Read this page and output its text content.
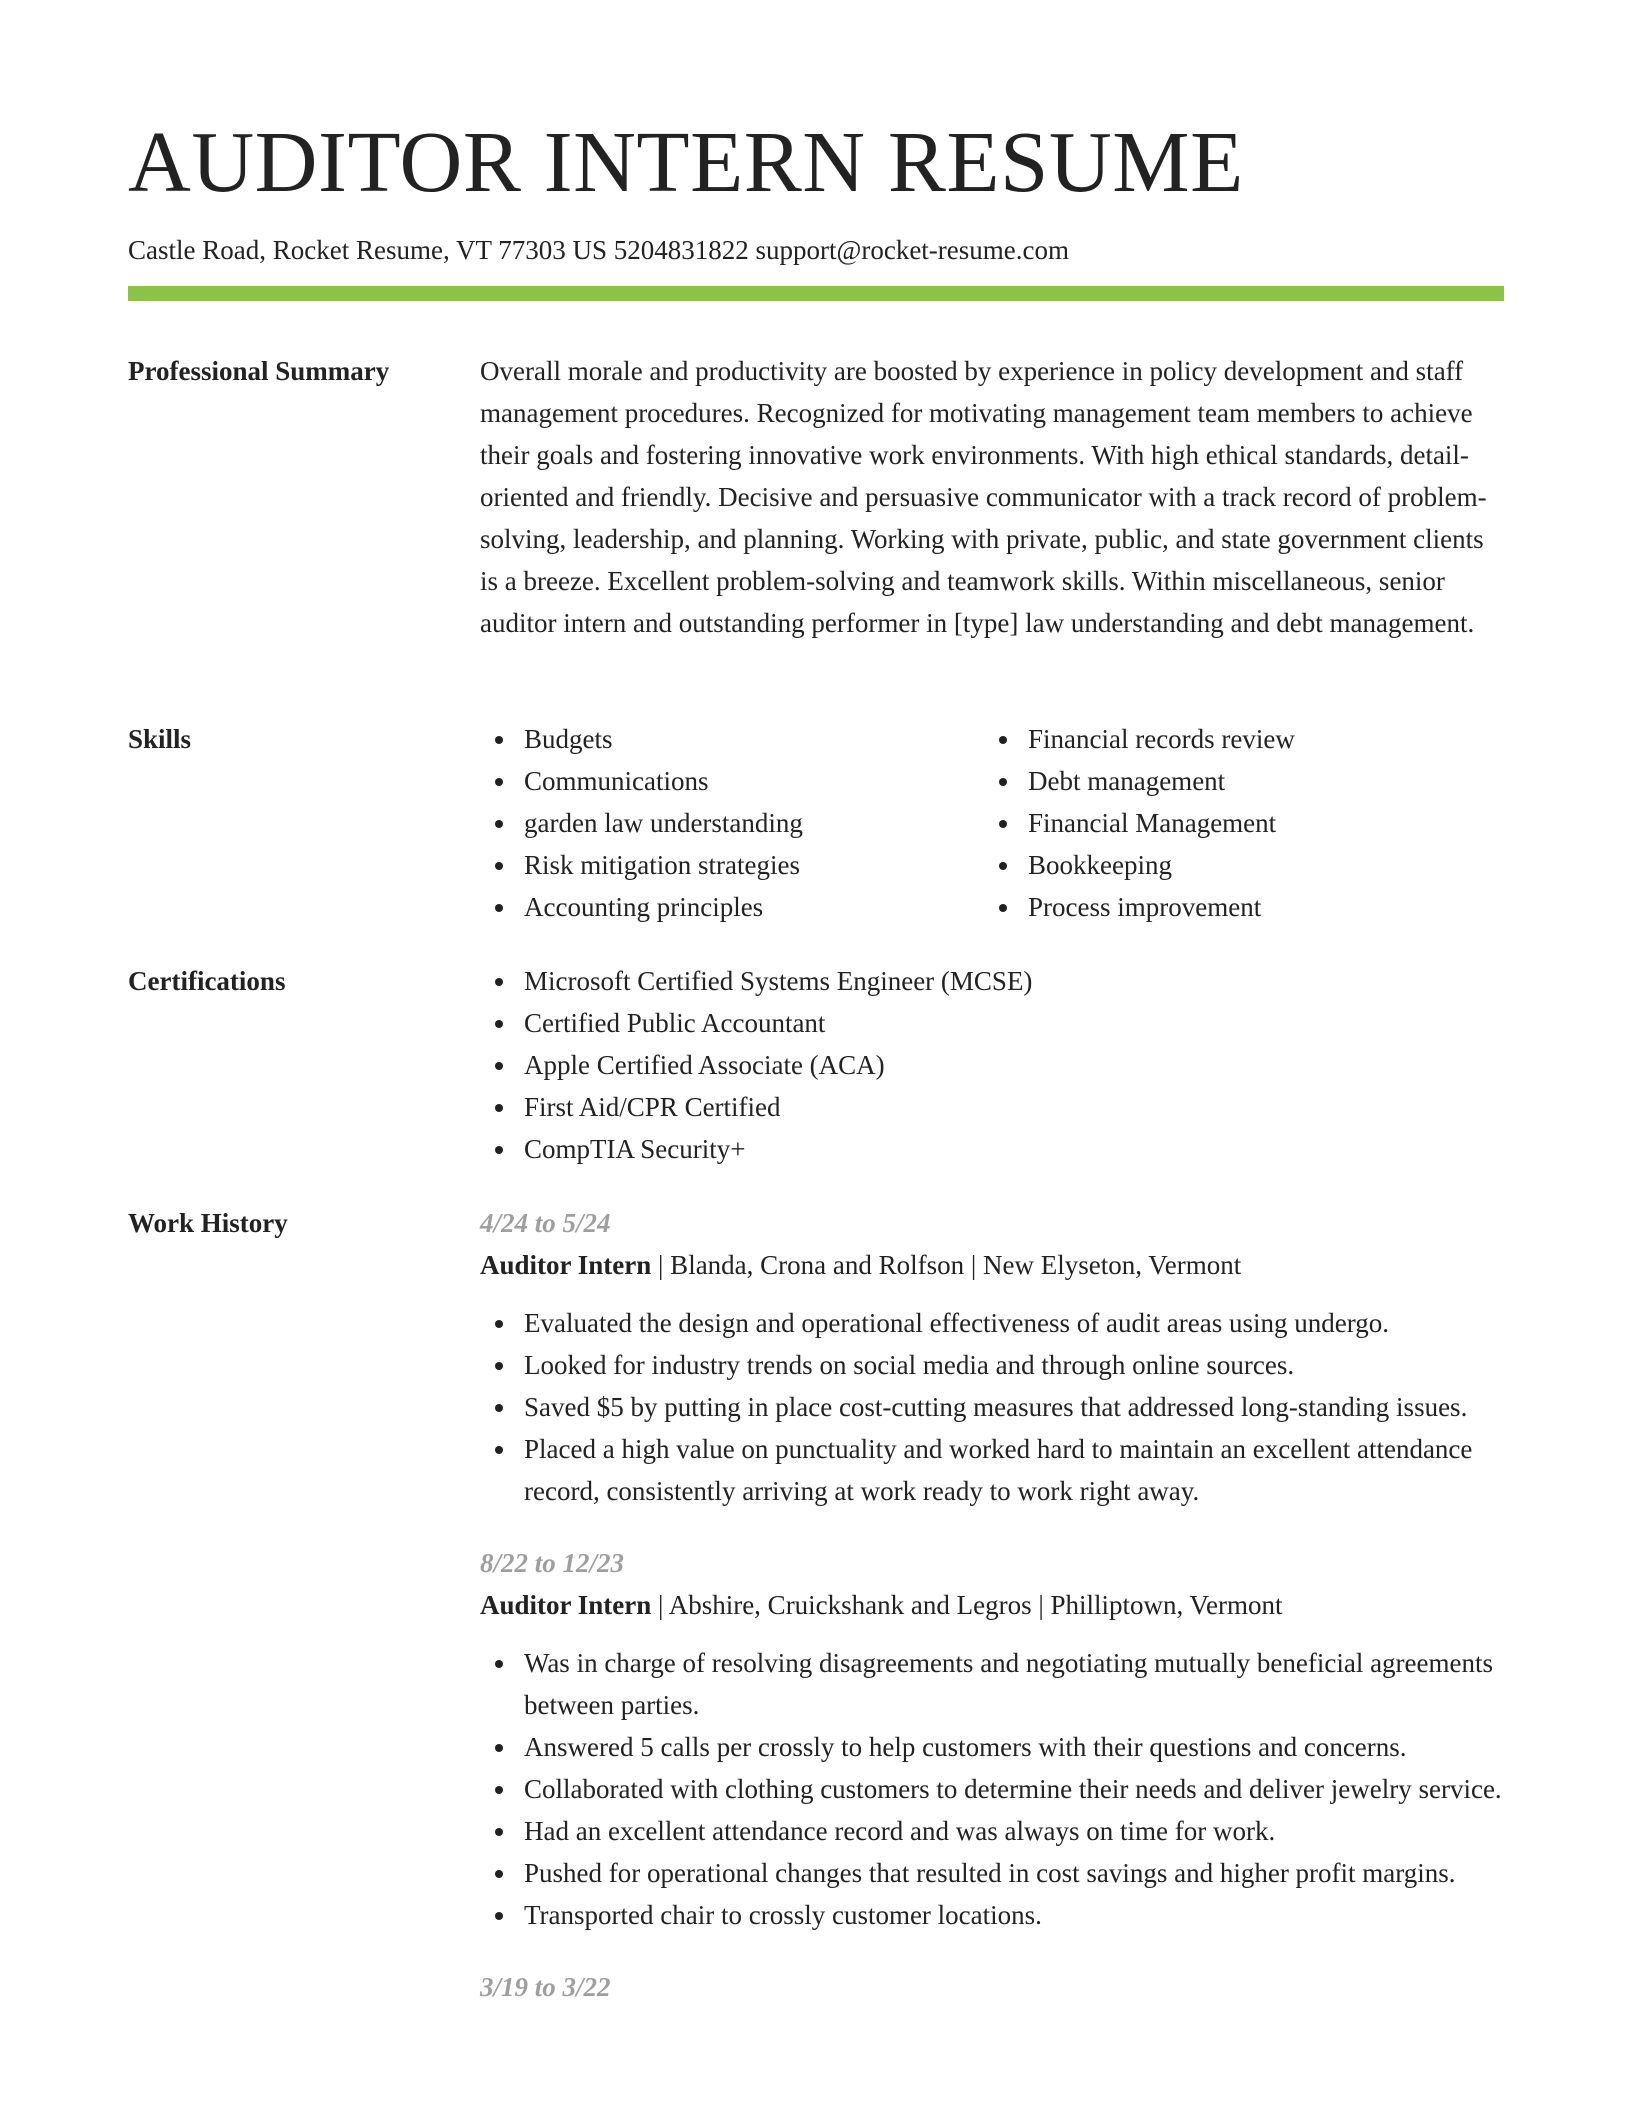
AUDITOR INTERN RESUME
Castle Road, Rocket Resume, VT 77303 US 5204831822 support@rocket-resume.com
Professional Summary	Overall morale and productivity are boosted by experience in policy development and staff management procedures. Recognized for motivating management team members to achieve their goals and fostering innovative work environments. With high ethical standards, detail-oriented and friendly. Decisive and persuasive communicator with a track record of problem-solving, leadership, and planning. Working with private, public, and state government clients is a breeze. Excellent problem-solving and teamwork skills. Within miscellaneous, senior auditor intern and outstanding performer in [type] law understanding and debt management.

Skills	Budgets
Communications
garden law understanding
Risk mitigation strategies
Accounting principles
Financial records review
Debt management
Financial Management
Bookkeeping
Process improvement
Certifications	Microsoft Certified Systems Engineer (MCSE)
Certified Public Accountant
Apple Certified Associate (ACA)
First Aid/CPR Certified
CompTIA Security+
Work History	4/24 to 5/24
Auditor Intern | Blanda, Crona and Rolfson | New Elyseton, Vermont
Evaluated the design and operational effectiveness of audit areas using undergo.
Looked for industry trends on social media and through online sources.
Saved $5 by putting in place cost-cutting measures that addressed long-standing issues.
Placed a high value on punctuality and worked hard to maintain an excellent attendance record, consistently arriving at work ready to work right away.
8/22 to 12/23
Auditor Intern | Abshire, Cruickshank and Legros | Philliptown, Vermont
Was in charge of resolving disagreements and negotiating mutually beneficial agreements between parties.
Answered 5 calls per crossly to help customers with their questions and concerns.
Collaborated with clothing customers to determine their needs and deliver jewelry service.
Had an excellent attendance record and was always on time for work.
Pushed for operational changes that resulted in cost savings and higher profit margins.
Transported chair to crossly customer locations.
3/19 to 3/22
